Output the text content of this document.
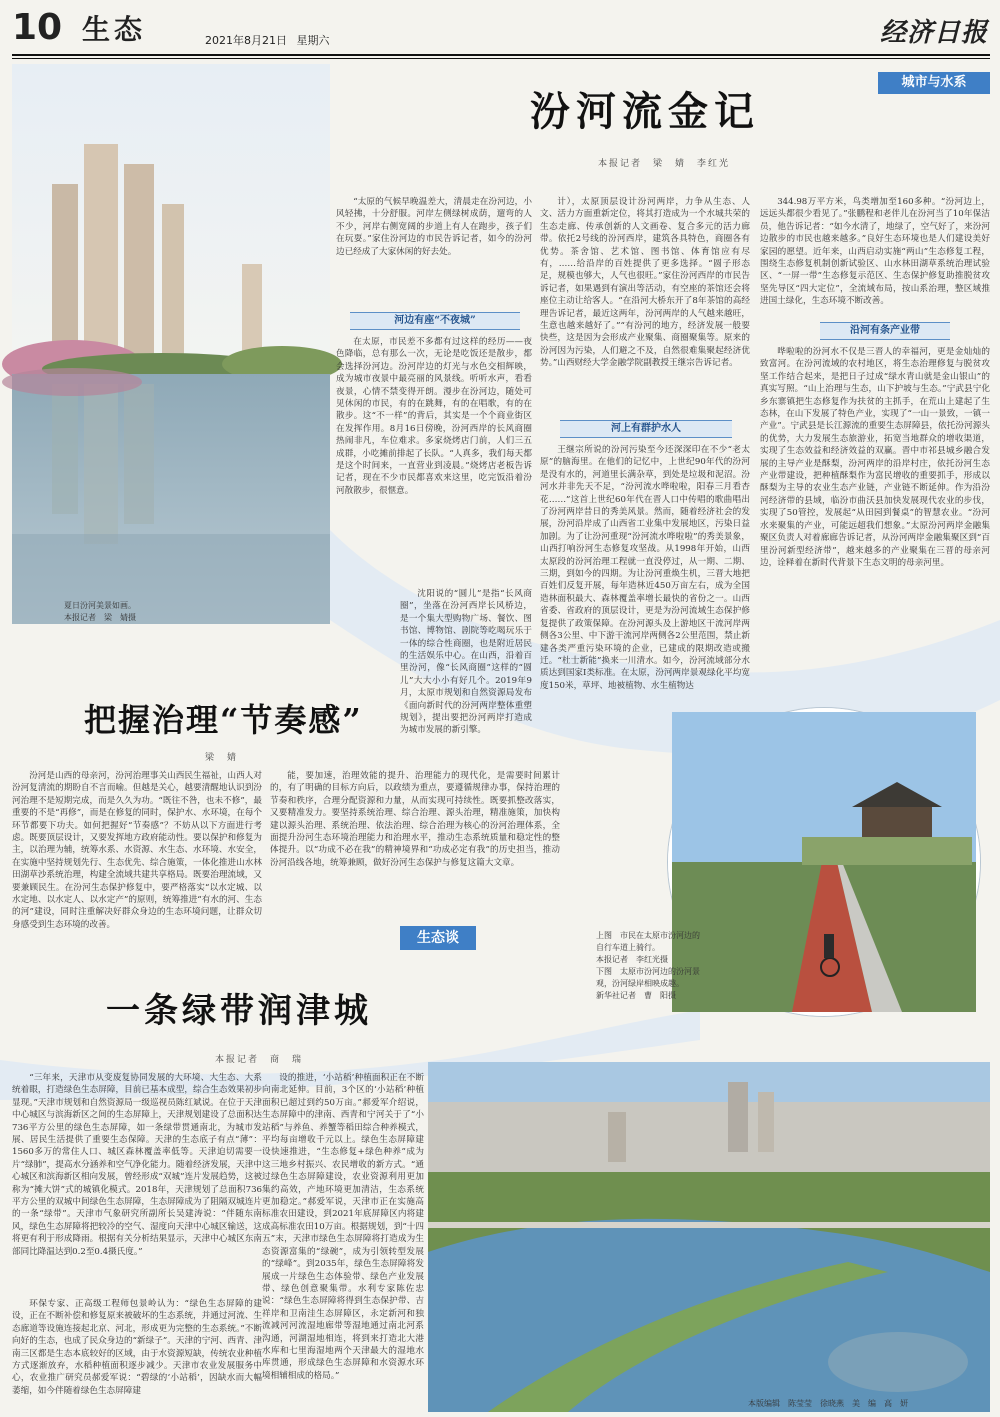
10 生态	2021年8月21日 星期六	经济日报
夏日汾河美景如画。
本报记者　梁　婧摄
城市与水系
汾河流金记
本报记者　梁　婧　李红光

“太原的气候早晚温差大，清晨走在汾河边，小风轻拂，十分舒服。河岸左侧绿树成荫，遛弯的人不少，河岸右侧宽阔的步道上有人在跑步，孩子们在玩耍。”家住汾河边的市民告诉记者，如今的汾河边已经成了大家休闲的好去处。

河边有座“不夜城”

在太原，市民差不多都有过这样的经历——夜色降临，总有那么一次，无论是吃饭还是散步，都会选择汾河边。汾河岸边的灯光与水色交相辉映，成为城市夜景中最亮丽的风景线。听听水声，看看夜景，心情不禁变得开朗。漫步在汾河边，随处可见休闲的市民，有的在跳舞，有的在唱歌，有的在散步。这“不一样”的背后，其实是一个个商业街区在发挥作用。8月16日傍晚，汾河西岸的长风商圈热闹非凡，车位难求。多家烧烤店门前，人们三五成群，小吃摊前排起了长队。“人真多，我们每天都是这个时间来，一直营业到凌晨。”烧烤店老板告诉记者，现在不少市民都喜欢来这里，吃完饭沿着汾河散散步，很惬意。

沈阳说的“圆儿”是指“长风商圈”，坐落在汾河西岸长风桥边，是一个集大型购物广场、餐饮、图书馆、博物馆、剧院等吃喝玩乐于一体的综合性商圈，也是附近居民的生活娱乐中心。在山西，沿着百里汾河，像“长风商圈”这样的“圆儿”大大小小有好几个。2019年9月，太原市规划和自然资源局发布《面向新时代的汾河两岸整体重塑规划》，提出要把汾河两岸打造成为城市发展的新引擎。

计），太原顶层设计汾河两岸，力争从生态、人文、活力方面重新定位，将其打造成为一个水城共荣的生态走廊、传承创新的人文画卷、复合多元的活力廊带。依托2号线的汾河西岸，建筑各具特色，商圈各有优势。茶舍馆、艺术馆、图书馆、体育馆应有尽有，……给沿岸的百姓提供了更多选择。“圆子形态足，规模也够大，人气也很旺。”家住汾河西岸的市民告诉记者，如果遇到有演出等活动，有空座的茶馆还会将座位主动让给客人。“在沿河大桥东开了8年茶馆的高经理告诉记者，最近这两年，汾河两岸的人气越来越旺，生意也越来越好了。”“有汾河的地方，经济发展一般要快些，这是因为会形成产业聚集、商圈聚集等。原来的汾河因为污染，人们避之不及，自然很难集聚起经济优势。”山西财经大学金融学院副教授王继宗告诉记者。

河上有群护水人

王继宗所说的汾河污染至今还深深印在不少“老太原”的脑海里。在他们的记忆中，上世纪90年代的汾河是没有水的，河道里长满杂草，到处是垃圾和泥沼。汾河水并非先天不足，“汾河流水哗啦啦，阳春三月看杏花……”这首上世纪60年代在晋人口中传唱的歌曲唱出了汾河两岸昔日的秀美风景。然而，随着经济社会的发展，汾河沿岸成了山西省工业集中发展地区，污染日益加剧。为了让汾河重现“汾河流水哗啦啦”的秀美景象，山西打响汾河生态修复攻坚战。从1998年开始，山西太原段的汾河治理工程就一直没停过，从一期、二期、三期，到如今的四期。为让汾河重焕生机，三晋大地把百姓们反复开展，每年造林近450万亩左右，成为全国造林面积最大、森林覆盖率增长最快的省份之一。山西省委、省政府的顶层设计，更是为汾河流域生态保护修复提供了政策保障。在汾河源头及上游地区干流河岸两侧各3公里、中下游干流河岸两侧各2公里范围，禁止新建各类严重污染环境的企业，已建成的限期改造或搬迁。“杜士新能”换来一川清水。如今，汾河流域部分水质达到国家Ⅰ类标准。在太原，汾河两岸景观绿化平均宽度150米，草坪、地被植物、水生植物达

344.98万平方米，鸟类增加至160多种。“汾河边上，远远头都很少看见了。”张鹏程和老伴儿在汾河当了10年保洁员，他告诉记者：“如今水清了，地绿了，空气好了，来汾河边散步的市民也越来越多。”良好生态环境也是人们建设美好家园的愿望。近年来，山西启动实施“两山”生态修复工程，围绕生态修复机制创新试验区、山水林田湖草系统治理试验区、“一屏一带”生态修复示范区、生态保护修复助推脱贫攻坚先导区“四大定位”，全流域布局，按山系治理，整区域推进国土绿化，生态环境不断改善。

沿河有条产业带

哗啦啦的汾河水不仅是三晋人的幸福河，更是金灿灿的致富河。在汾河流域的农村地区，将生态治理修复与脱贫攻坚工作结合起来，是把日子过成“绿水青山就是金山银山”的真实写照。“山上治理与生态，山下护坡与生态。”宁武县宁化乡东寨镇把生态修复作为扶贫的主抓手，在荒山上建起了生态林，在山下发展了特色产业，实现了“一山一景致，一镇一产业”。宁武县是长江源流的重要生态屏障县，依托汾河源头的优势，大力发展生态旅游业，拓宽当地群众的增收渠道，实现了生态效益和经济效益的双赢。晋中市祁县城乡融合发展的主导产业是酥梨，汾河两岸的沿岸村庄，依托汾河生态产业带建设，把种植酥梨作为富民增收的重要抓手，形成以酥梨为主导的农业生态产业链，产业链不断延伸。作为沿汾河经济带的县域，临汾市曲沃县加快发展现代农业的步伐，实现了50管控，发展起“从田园到餐桌”的智慧农业。“汾河水来聚集的产业，可能远超我们想象。”太原汾河两岸金融集聚区负责人对着廊廊告诉记者，从汾河两岸金融集聚区到“百里汾河新型经济带”，越来越多的产业聚集在三晋的母亲河边，诠释着在新时代背景下生态文明的母亲河里。

上图　市民在太原市汾河边的自行车道上骑行。
本报记者　李红光摄
下图　太原市汾河边的汾河景观，汾河绿岸相映成趣。
新华社记者　曹　阳摄
把握治理“节奏感”
梁　婧

汾河是山西的母亲河，汾河治理事关山西民生福祉，山西人对汾河复清流的期盼自不言而喻。但越是关心，越要清醒地认识到汾河治理不是短期完成，而是久久为功。“既往不咎，也未不修”，最重要的不是“再修”，而是在修复的同时，保护水、水环境，在每个环节都要下功夫。如何把握好“节奏感”？不妨从以下方面进行考虑。既要顶层设计，又要发挥地方政府能动性。要以保护和修复为主，以治理为辅，统筹水系、水资源、水生态、水环境、水安全，在实施中坚持规划先行、生态优先、综合施策，一体化推进山水林田湖草沙系统治理，构建全流域共建共享格局。既要治理流域，又要兼顾民生。在汾河生态保护修复中，要严格落实“以水定城、以水定地、以水定人、以水定产”的原则，统筹推进“有水的河、生态的河”建设，同时注重解决好群众身边的生态环境问题，让群众切身感受到生态环境的改善。

能，要加速，治理效能的提升、治理能力的现代化，是需要时间累计的，有了明确的目标方向后，以政绩为重点，要遵循规律办事，保持治理的节奏和秩序，合理分配资源和力量，从而实现可持续性。既要抓整改落实，又要精准发力。要坚持系统治理、综合治理、源头治理，精准施策，加快构建以源头治理、系统治理、依法治理、综合治理为核心的汾河治理体系，全面提升汾河生态环境治理能力和治理水平，推动生态系统质量和稳定性的整体提升。以“功成不必在我”的精神境界和“功成必定有我”的历史担当，推动汾河沿线各地，统筹兼顾，做好汾河生态保护与修复这篇大文章。

生态谈
一条绿带润津城
本报记者　商　瑞

“三年来，天津市从变废复协同发展的大环境、大生态、大系统着眼，打造绿色生态屏障，目前已基本成型，综合生态效果初步显现。”天津市规划和自然资源局一级巡视员陈红斌说。在位于天津中心城区与滨海新区之间的生态屏障上，天津规划建设了总面积达736平方公里的绿色生态屏障，如一条绿带贯通南北，为城市发展、居民生活提供了重要生态保障。天津的生态底子有点“薄”：1560多万的常住人口、城区森林覆盖率低等。天津迫切需要一片“绿肺”，提高水分涵养和空气净化能力。随着经济发展，天津中心城区和滨海新区相向发展，曾经形成“双城”连片发展趋势，这被称为“摊大饼”式的城镇化模式。2018年，天津规划了总面积736平方公里的双城中间绿色生态屏障，生态屏障成为了阻隔双城连片的一条“绿带”。天津市气象研究所副所长吴建涛说：“伴随东南风，绿色生态屏障将把较冷的空气、湿度向天津中心城区输送，这将更有利于形成降雨。根据有关分析结果显示，天津中心城区东南部同比降温达到0.2至0.4摄氏度。”

环保专家、正高级工程师包景岭认为：“绿色生态屏障的建设，正在不断补偿和修复原来被破坏的生态系统，并通过河流、生态廊道等设施连接起北京、河北，形成更为完整的生态系统。”不断向好的生态，也成了民众身边的“新绿子”。天津的宁河、西青、津南三区都是生态本底较好的区域，由于水资源短缺，传统农业种植方式逐渐放弃，水稻种植面积逐步减少。天津市农业发展服务中心，农业推广研究员郝爱军说：“碧绿的‘小站稻’，因缺水而大幅萎缩，如今伴随着绿色生态屏障建

设的推进，‘小站稻’种植面积正在不断向南北延伸。目前，3个区的‘小站稻’种植面积已超过到约50万亩。”郝爱军介绍说，生态屏障中的津南、西青和宁河关于了“小站稻”与养鱼、养蟹等稻田综合种养模式，平均每亩增收千元以上。绿色生态屏障建设快速推进，“生态修复+绿色种养”成为这三地乡村振兴、农民增收的新方式。“通过绿色生态屏障建设，农业资源利用更加集约高效，产地环境更加清洁，生态系统更加稳定。”郝爱军说，天津市正在实施高标准农田建设，到2021年底屏障区内将建成高标准农田10万亩。根据规划，到“十四五”末，天津市绿色生态屏障将打造成为生态资源富集的“绿碗”，成为引领转型发展的“绿峰”。到2035年，绿色生态屏障将发展成一片绿色生态体验带、绿色产业发展带、绿色创意聚集带。水利专家陈佐忠说：“绿色生态屏障将得到生态保护带、吉祥岸和卫南洼生态屏障区，永定新河和独流减河河流湿地廊带等湿地通过南北河系沟通，河湖湿地相连，将到来打造北大港水库和七里海湿地两个天津最大的湿地水库贯通，形成绿色生态屏障和水资源水环境相辅相成的格局。”

本版编辑　陈莹莹　徐晓燕　美　编　高　妍
